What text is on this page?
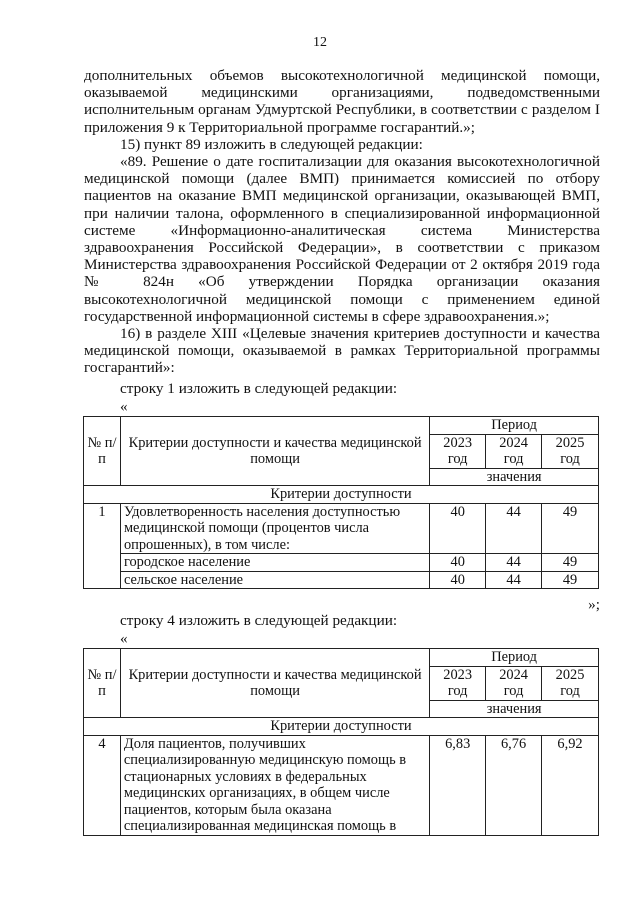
12

дополнительных объемов высокотехнологичной медицинской помощи, оказываемой медицинскими организациями, подведомственными исполнительным органам Удмуртской Республики, в соответствии с разделом I приложения 9 к Территориальной программе госгарантий.»;

15) пункт 89 изложить в следующей редакции:

«89. Решение о дате госпитализации для оказания высокотехнологичной медицинской помощи (далее ВМП) принимается комиссией по отбору пациентов на оказание ВМП медицинской организации, оказывающей ВМП, при наличии талона, оформленного в специализированной информационной системе «Информационно-аналитическая система Министерства здравоохранения Российской Федерации», в соответствии с приказом Министерства здравоохранения Российской Федерации от 2 октября 2019 года № 824н «Об утверждении Порядка организации оказания высокотехнологичной медицинской помощи с применением единой государственной информационной системы в сфере здравоохранения.»;

16) в разделе XIII «Целевые значения критериев доступности и качества медицинской помощи, оказываемой в рамках Территориальной программы госгарантий»:

строку 1 изложить в следующей редакции:
«
№ п/п	Критерии доступности и качества медицинской помощи	Период		
		2023 год	2024 год	2025 год
		значения		
Критерии доступности				
1	Удовлетворенность населения доступностью медицинской помощи (процентов числа опрошенных), в том числе:	40	44	49
	городское население	40	44	49
	сельское население	40	44	49
»;
строку 4 изложить в следующей редакции:
«
№ п/п	Критерии доступности и качества медицинской помощи	Период		
		2023 год	2024 год	2025 год
		значения		
Критерии доступности				
4	Доля пациентов, получивших специализированную медицинскую помощь в стационарных условиях в федеральных медицинских организациях, в общем числе пациентов, которым была оказана специализированная медицинская помощь в	6,83	6,76	6,92
